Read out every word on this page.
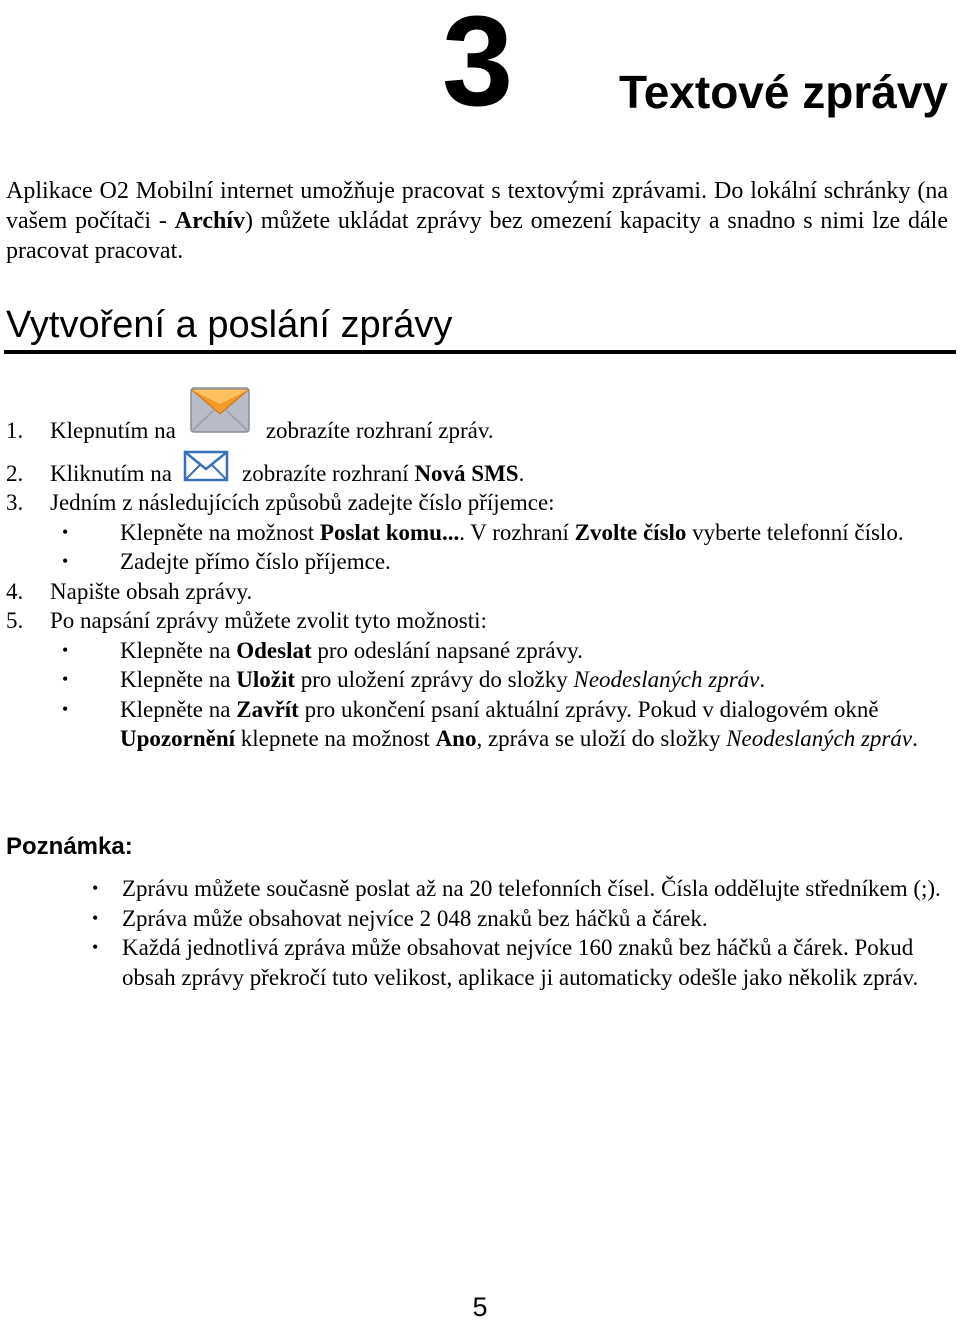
3 Textové zprávy

Aplikace O2 Mobilní internet umožňuje pracovat s textovými zprávami. Do lokální schránky (na vašem počítači - Archív) můžete ukládat zprávy bez omezení kapacity a snadno s nimi lze dále pracovat pracovat.

Vytvoření a poslání zprávy
1.	Klepnutím na	zobrazíte rozhraní zpráv.
2.	Kliknutím na	zobrazíte rozhraní Nová SMS.
3.	Jedním z následujících způsobů zadejte číslo příjemce:
•	Klepněte na možnost Poslat komu.... V rozhraní Zvolte číslo vyberte telefonní číslo.
•	Zadejte přímo číslo příjemce.
4.	Napište obsah zprávy.
5.	Po napsání zprávy můžete zvolit tyto možnosti:
•	Klepněte na Odeslat pro odeslání napsané zprávy.
•	Klepněte na Uložit pro uložení zprávy do složky Neodeslaných zpráv.
•	Klepněte na Zavřít pro ukončení psaní aktuální zprávy. Pokud v dialogovém okně Upozornění klepnete na možnost Ano, zpráva se uloží do složky Neodeslaných zpráv.
Poznámka:
•	Zprávu můžete současně poslat až na 20 telefonních čísel. Čísla oddělujte středníkem (;).
•	Zpráva může obsahovat nejvíce 2 048 znaků bez háčků a čárek.
•	Každá jednotlivá zpráva může obsahovat nejvíce 160 znaků bez háčků a čárek. Pokud obsah zprávy překročí tuto velikost, aplikace ji automaticky odešle jako několik zpráv.
5
